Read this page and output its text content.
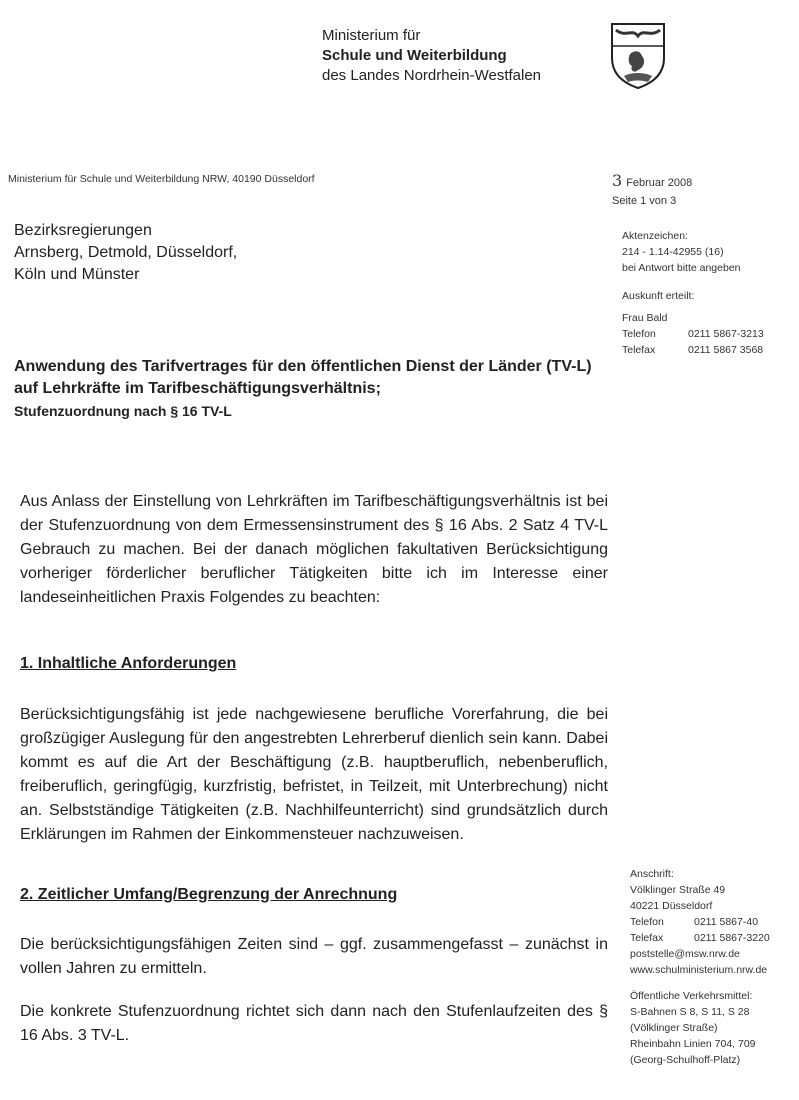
Ministerium für
Schule und Weiterbildung
des Landes Nordrhein-Westfalen
Ministerium für Schule und Weiterbildung NRW, 40190 Düsseldorf	3 Februar 2008
Seite 1 von 3
Bezirksregierungen
Arnsberg, Detmold, Düsseldorf,
Köln und Münster
Aktenzeichen:
214 - 1.14-42955 (16)
bei Antwort bitte angeben
Auskunft erteilt:
Frau Bald
Telefon	0211 5867-3213
Telefax	0211 5867 3568
Anwendung des Tarifvertrages für den öffentlichen Dienst der Länder (TV-L) auf Lehrkräfte im Tarifbeschäftigungsverhältnis;
Stufenzuordnung nach § 16 TV-L
Aus Anlass der Einstellung von Lehrkräften im Tarifbeschäftigungsverhältnis ist bei der Stufenzuordnung von dem Ermessensinstrument des § 16 Abs. 2 Satz 4 TV-L Gebrauch zu machen. Bei der danach möglichen fakultativen Berücksichtigung vorheriger förderlicher beruflicher Tätigkeiten bitte ich im Interesse einer landeseinheitlichen Praxis Folgendes zu beachten:
1. Inhaltliche Anforderungen
Berücksichtigungsfähig ist jede nachgewiesene berufliche Vorerfahrung, die bei großzügiger Auslegung für den angestrebten Lehrerberuf dienlich sein kann. Dabei kommt es auf die Art der Beschäftigung (z.B. hauptberuflich, nebenberuflich, freiberuflich, geringfügig, kurzfristig, befristet, in Teilzeit, mit Unterbrechung) nicht an. Selbstständige Tätigkeiten (z.B. Nachhilfeunterricht) sind grundsätzlich durch Erklärungen im Rahmen der Einkommensteuer nachzuweisen.
2. Zeitlicher Umfang/Begrenzung der Anrechnung
Die berücksichtigungsfähigen Zeiten sind – ggf. zusammengefasst – zunächst in vollen Jahren zu ermitteln.
Die konkrete Stufenzuordnung richtet sich dann nach den Stufenlaufzeiten des § 16 Abs. 3 TV-L.
Anschrift:
Völklinger Straße 49
40221 Düsseldorf
Telefon	0211 5867-40
Telefax	0211 5867-3220
poststelle@msw.nrw.de
www.schulministerium.nrw.de
Öffentliche Verkehrsmittel:
S-Bahnen S 8, S 11, S 28
(Völklinger Straße)
Rheinbahn Linien 704, 709
(Georg-Schulhoff-Platz)
